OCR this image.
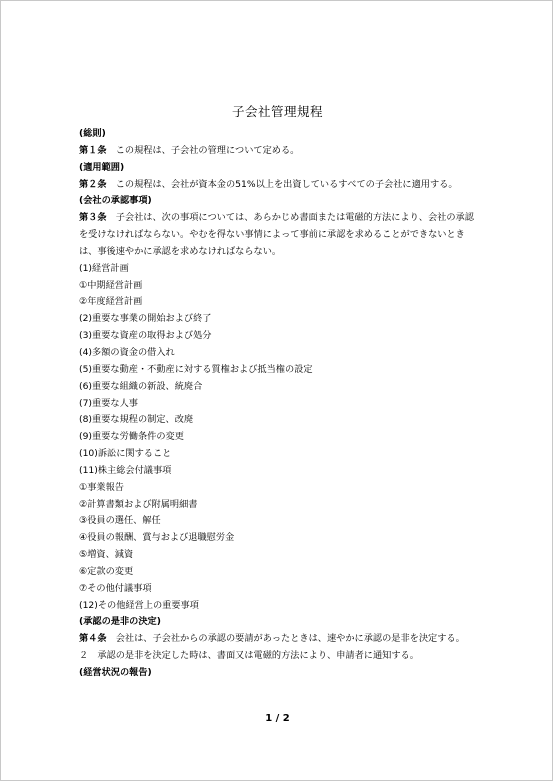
子会社管理規程
(総則)
第１条　 この規程は、子会社の管理について定める。
(適用範囲)
第２条　 この規程は、会社が資本金の51%以上を出資しているすべての子会社に適用する。
(会社の承認事項)
第３条　 子会社は、次の事項については、あらかじめ書面または電磁的方法により、会社の承認を受けなければならない。やむを得ない事情によって事前に承認を求めることができないときは、事後速やかに承認を求めなければならない。
(1)経営計画
①中期経営計画
②年度経営計画
(2)重要な事業の開始および終了
(3)重要な資産の取得および処分
(4)多額の資金の借入れ
(5)重要な動産・不動産に対する質権および抵当権の設定
(6)重要な組織の新設、統廃合
(7)重要な人事
(8)重要な規程の制定、改廃
(9)重要な労働条件の変更
(10)訴訟に関すること
(11)株主総会付議事項
①事業報告
②計算書類および附属明細書
③役員の選任、解任
④役員の報酬、賞与および退職慰労金
⑤増資、減資
⑥定款の変更
⑦その他付議事項
(12)その他経営上の重要事項
(承認の是非の決定)
第４条　 会社は、子会社からの承認の要請があったときは、速やかに承認の是非を決定する。
２　承認の是非を決定した時は、書面又は電磁的方法により、申請者に通知する。
(経営状況の報告)
1 / 2
